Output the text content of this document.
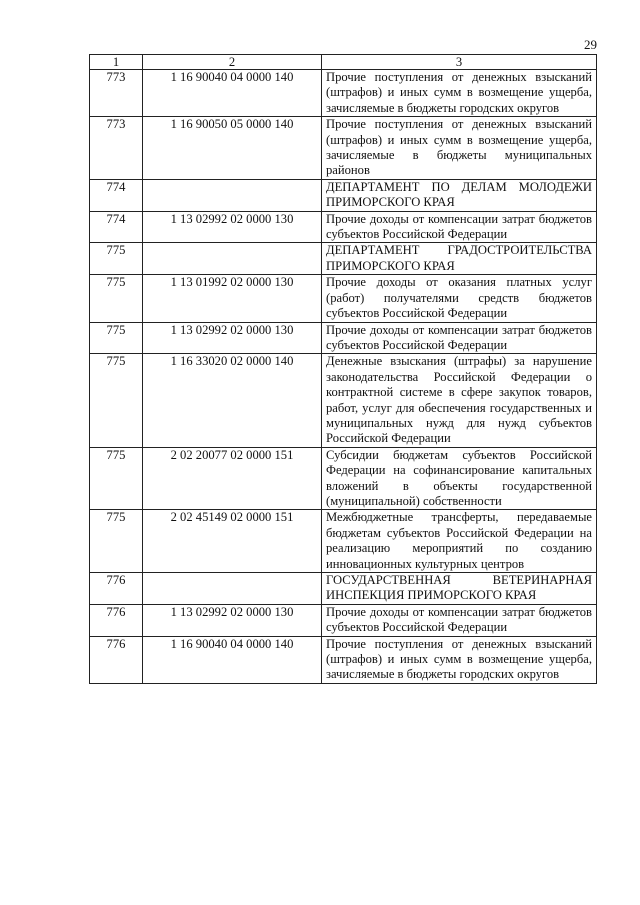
29
1	2	3
773	1 16 90040 04 0000 140	Прочие поступления от денежных взысканий (штрафов) и иных сумм в возмещение ущерба, зачисляемые в бюджеты городских округов
773	1 16 90050 05 0000 140	Прочие поступления от денежных взысканий (штрафов) и иных сумм в возмещение ущерба, зачисляемые в бюджеты муниципальных районов
774		ДЕПАРТАМЕНТ ПО ДЕЛАМ МОЛОДЕЖИ ПРИМОРСКОГО КРАЯ
774	1 13 02992 02 0000 130	Прочие доходы от компенсации затрат бюджетов субъектов Российской Федерации
775		ДЕПАРТАМЕНТ ГРАДОСТРОИТЕЛЬСТВА ПРИМОРСКОГО КРАЯ
775	1 13 01992 02 0000 130	Прочие доходы от оказания платных услуг (работ) получателями средств бюджетов субъектов Российской Федерации
775	1 13 02992 02 0000 130	Прочие доходы от компенсации затрат бюджетов субъектов Российской Федерации
775	1 16 33020 02 0000 140	Денежные взыскания (штрафы) за нарушение законодательства Российской Федерации о контрактной системе в сфере закупок товаров, работ, услуг для обеспечения государственных и муниципальных нужд для нужд субъектов Российской Федерации
775	2 02 20077 02 0000 151	Субсидии бюджетам субъектов Российской Федерации на софинансирование капитальных вложений в объекты государственной (муниципальной) собственности
775	2 02 45149 02 0000 151	Межбюджетные трансферты, передаваемые бюджетам субъектов Российской Федерации на реализацию мероприятий по созданию инновационных культурных центров
776		ГОСУДАРСТВЕННАЯ ВЕТЕРИНАРНАЯ ИНСПЕКЦИЯ ПРИМОРСКОГО КРАЯ
776	1 13 02992 02 0000 130	Прочие доходы от компенсации затрат бюджетов субъектов Российской Федерации
776	1 16 90040 04 0000 140	Прочие поступления от денежных взысканий (штрафов) и иных сумм в возмещение ущерба, зачисляемые в бюджеты городских округов
